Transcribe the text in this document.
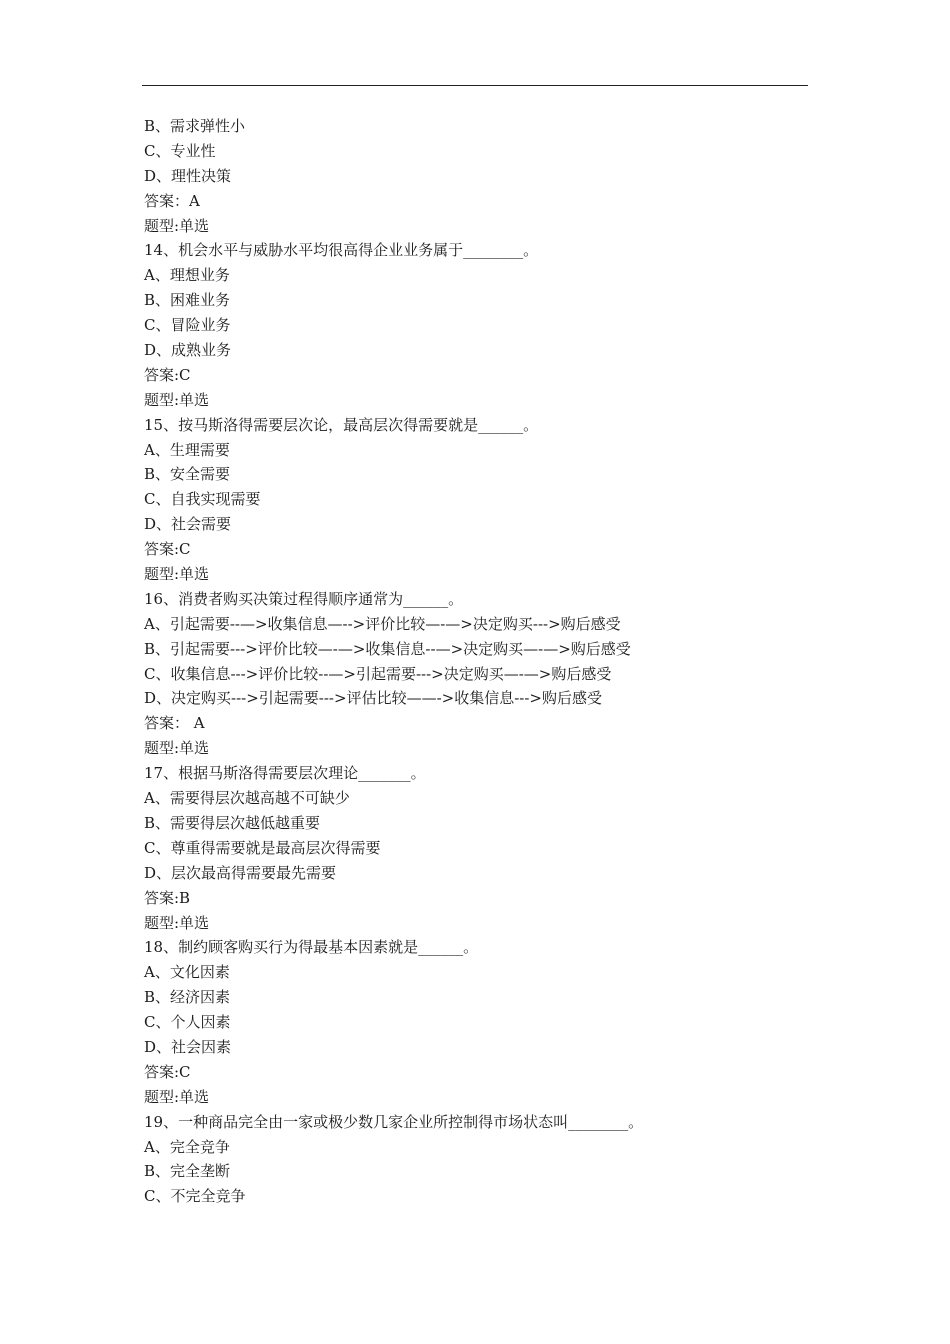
B、需求弹性小
C、专业性
D、理性决策
答案：A
题型:单选
14、机会水平与威胁水平均很高得企业业务属于________。
A、理想业务
B、困难业务
C、冒险业务
D、成熟业务
答案:C
题型:单选
15、按马斯洛得需要层次论，最高层次得需要就是______。
A、生理需要
B、安全需要
C、自我实现需要
D、社会需要
答案:C
题型:单选
16、消费者购买决策过程得顺序通常为______。
A、引起需要--—>收集信息—-->评价比较—-—>决定购买--->购后感受
B、引起需要--->评价比较—-—>收集信息--—>决定购买—-—>购后感受
C、收集信息--->评价比较--—>引起需要--->决定购买—-—>购后感受
D、决定购买--->引起需要--->评估比较——->收集信息--->购后感受
答案： A
题型:单选
17、根据马斯洛得需要层次理论_______。
A、需要得层次越高越不可缺少
B、需要得层次越低越重要
C、尊重得需要就是最高层次得需要
D、层次最高得需要最先需要
答案:B
题型:单选
18、制约顾客购买行为得最基本因素就是______。
A、文化因素
B、经济因素
C、个人因素
D、社会因素
答案:C
题型:单选
19、一种商品完全由一家或极少数几家企业所控制得市场状态叫________。
A、完全竞争
B、完全垄断
C、不完全竞争
